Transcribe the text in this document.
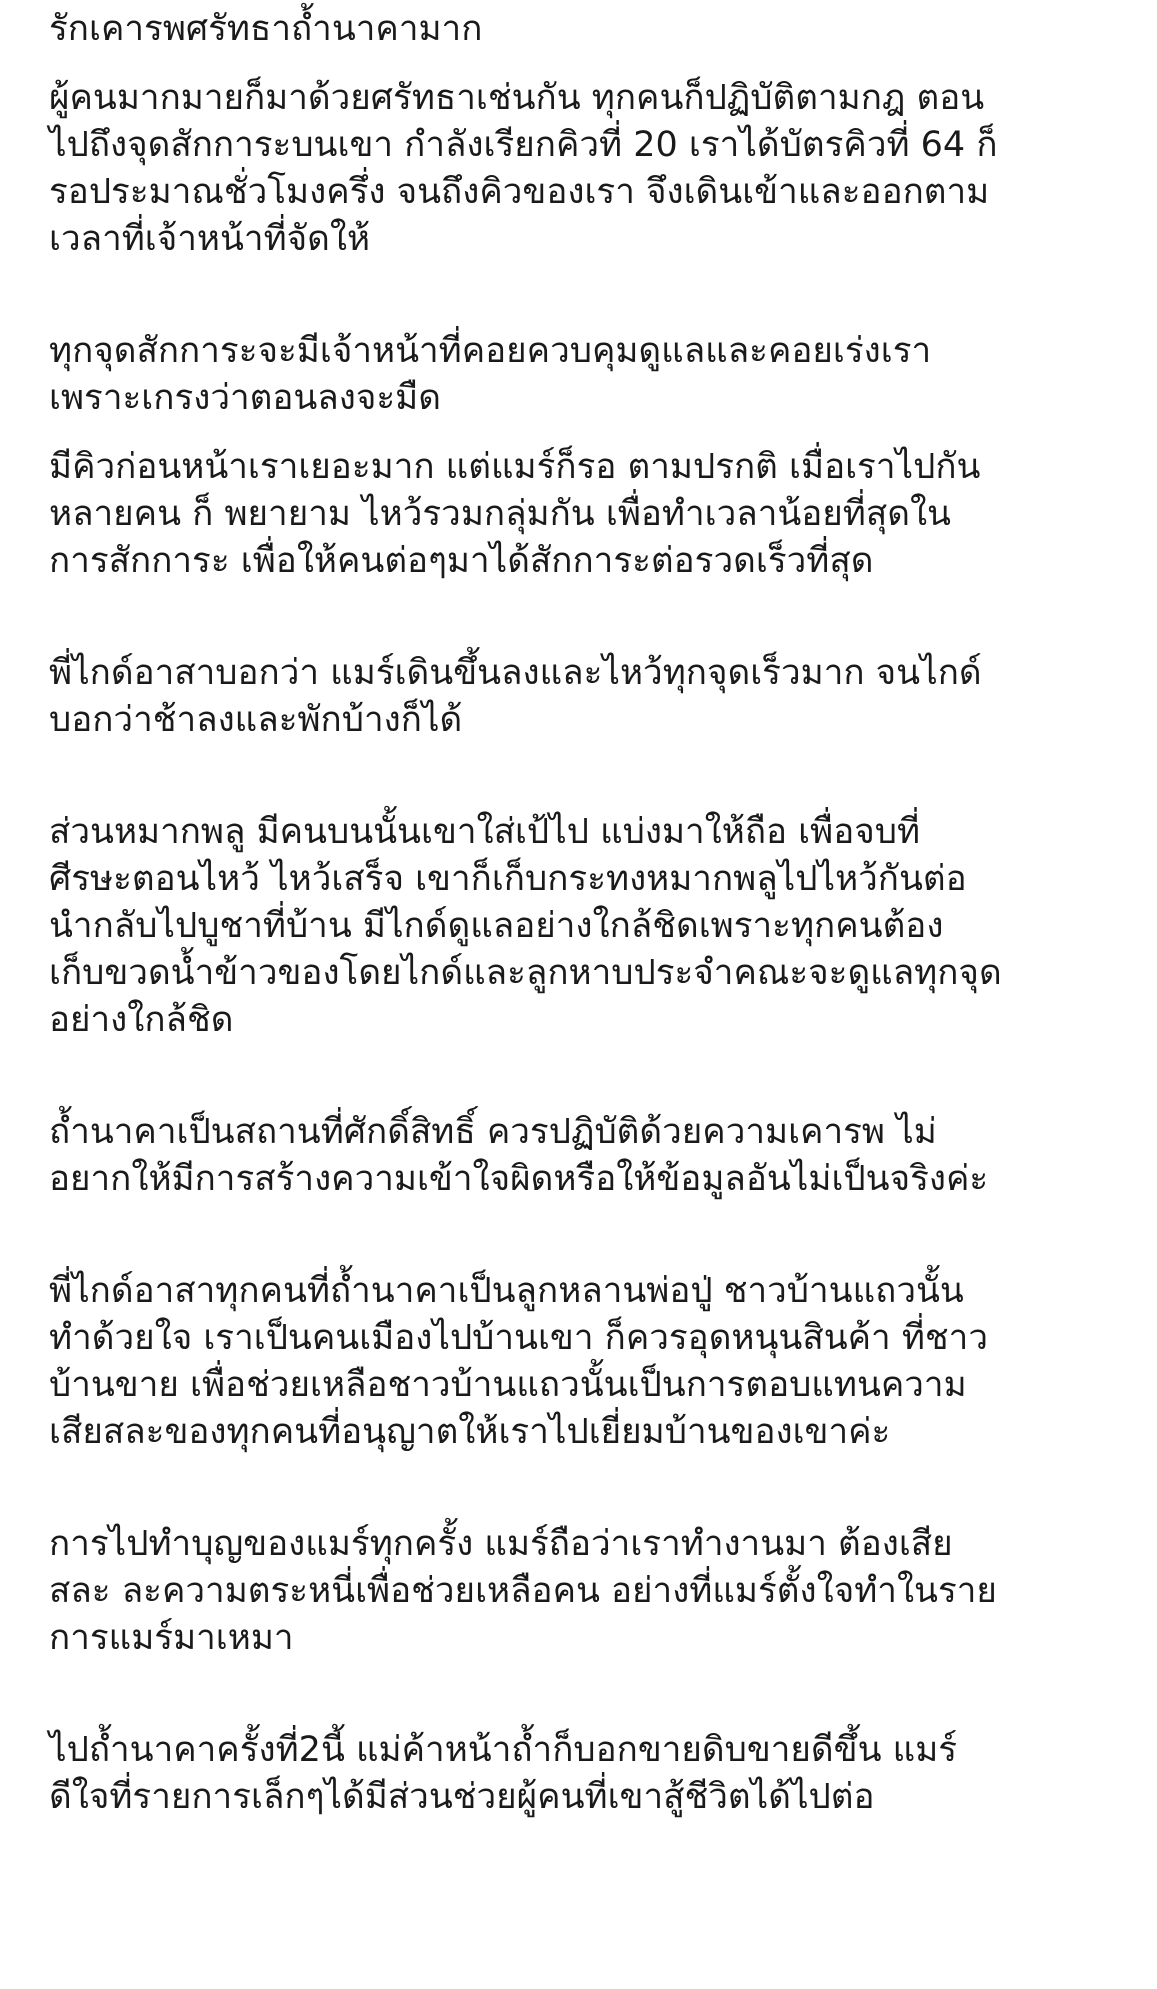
รักเคารพศรัทธาถ้ำนาคามาก
ผู้คนมากมายก็มาด้วยศรัทธาเช่นกัน ทุกคนก็ปฏิบัติตามกฎ ตอน
ไปถึงจุดสักการะบนเขา กำลังเรียกคิวที่ 20 เราได้บัตรคิวที่ 64 ก็
รอประมาณชั่วโมงครึ่ง จนถึงคิวของเรา จึงเดินเข้าและออกตาม
เวลาที่เจ้าหน้าที่จัดให้
ทุกจุดสักการะจะมีเจ้าหน้าที่คอยควบคุมดูแลและคอยเร่งเรา
เพราะเกรงว่าตอนลงจะมืด
มีคิวก่อนหน้าเราเยอะมาก แต่แมร์ก็รอ ตามปรกติ เมื่อเราไปกัน
หลายคน ก็ พยายาม ไหว้รวมกลุ่มกัน เพื่อทำเวลาน้อยที่สุดใน
การสักการะ เพื่อให้คนต่อๆมาได้สักการะต่อรวดเร็วที่สุด
พี่ไกด์อาสาบอกว่า แมร์เดินขึ้นลงและไหว้ทุกจุดเร็วมาก จนไกด์
บอกว่าช้าลงและพักบ้างก็ได้
ส่วนหมากพลู มีคนบนนั้นเขาใส่เป้ไป แบ่งมาให้ถือ เพื่อจบที่
ศีรษะตอนไหว้ ไหว้เสร็จ เขาก็เก็บกระทงหมากพลูไปไหว้กันต่อ
นำกลับไปบูชาที่บ้าน มีไกด์ดูแลอย่างใกล้ชิดเพราะทุกคนต้อง
เก็บขวดน้ำข้าวของโดยไกด์และลูกหาบประจำคณะจะดูแลทุกจุด
อย่างใกล้ชิด
ถ้ำนาคาเป็นสถานที่ศักดิ์สิทธิ์ ควรปฏิบัติด้วยความเคารพ ไม่
อยากให้มีการสร้างความเข้าใจผิดหรือให้ข้อมูลอันไม่เป็นจริงค่ะ
พี่ไกด์อาสาทุกคนที่ถ้ำนาคาเป็นลูกหลานพ่อปู่ ชาวบ้านแถวนั้น
ทำด้วยใจ เราเป็นคนเมืองไปบ้านเขา ก็ควรอุดหนุนสินค้า ที่ชาว
บ้านขาย เพื่อช่วยเหลือชาวบ้านแถวนั้นเป็นการตอบแทนความ
เสียสละของทุกคนที่อนุญาตให้เราไปเยี่ยมบ้านของเขาค่ะ
การไปทำบุญของแมร์ทุกครั้ง แมร์ถือว่าเราทำงานมา ต้องเสีย
สละ ละความตระหนี่เพื่อช่วยเหลือคน อย่างที่แมร์ตั้งใจทำในราย
การแมร์มาเหมา
ไปถ้ำนาคาครั้งที่2นี้ แม่ค้าหน้าถ้ำก็บอกขายดิบขายดีขึ้น แมร์
ดีใจที่รายการเล็กๆได้มีส่วนช่วยผู้คนที่เขาสู้ชีวิตได้ไปต่อ
